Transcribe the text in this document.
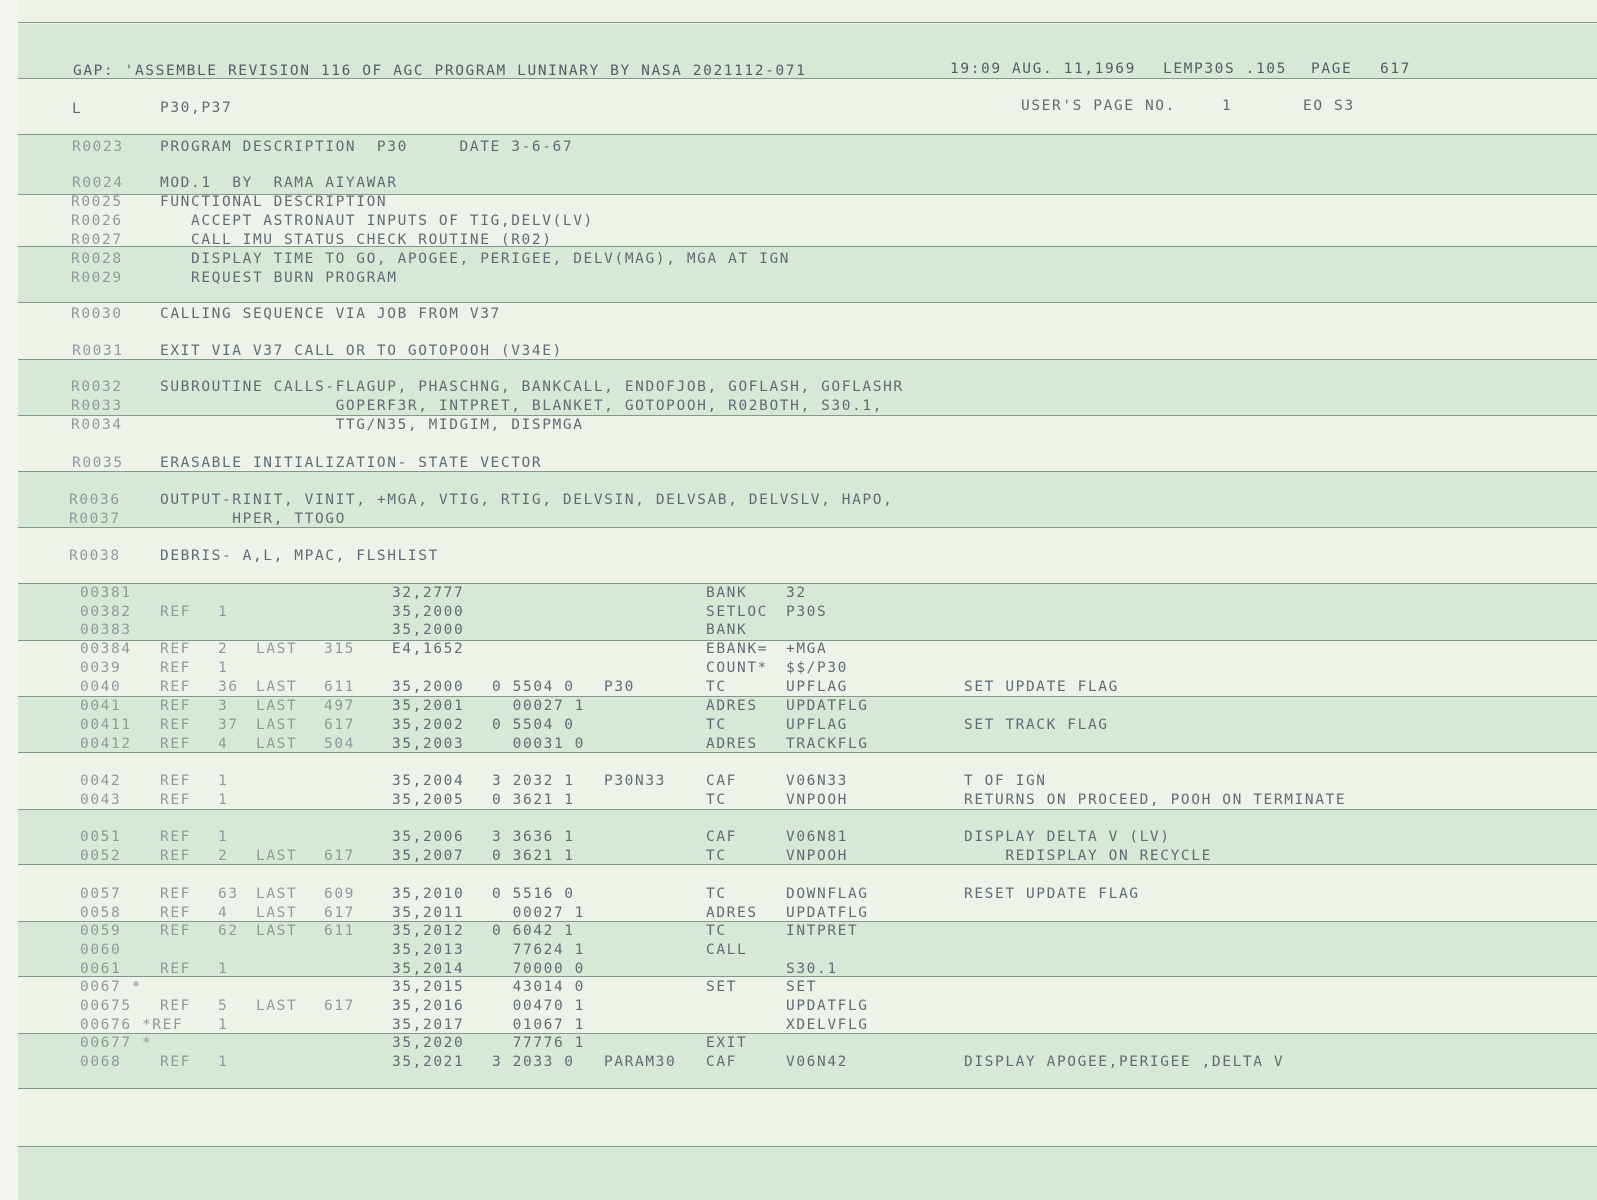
GAP: 'ASSEMBLE REVISION 116 OF AGC PROGRAM LUNINARY BY NASA 2021112-071	19:09 AUG. 11,1969 LEMP30S .105 PAGE 617
L	P30,P37	USER'S PAGE NO.	1	EO S3
R0023	PROGRAM DESCRIPTION  P30     DATE 3-6-67
R0024	MOD.1  BY  RAMA AIYAWAR
R0025	FUNCTIONAL DESCRIPTION
R0026	ACCEPT ASTRONAUT INPUTS OF TIG,DELV(LV)
R0027	CALL IMU STATUS CHECK ROUTINE (R02)
R0028	DISPLAY TIME TO GO, APOGEE, PERIGEE, DELV(MAG), MGA AT IGN
R0029	REQUEST BURN PROGRAM
R0030	CALLING SEQUENCE VIA JOB FROM V37
R0031	EXIT VIA V37 CALL OR TO GOTOPOOH (V34E)
R0032	SUBROUTINE CALLS-FLAGUP, PHASCHNG, BANKCALL, ENDOFJOB, GOFLASH, GOFLASHR
R0033	GOPERF3R, INTPRET, BLANKET, GOTOPOOH, R02BOTH, S30.1,
R0034	TTG/N35, MIDGIM, DISPMGA
R0035	ERASABLE INITIALIZATION- STATE VECTOR
R0036	OUTPUT-RINIT, VINIT, +MGA, VTIG, RTIG, DELVSIN, DELVSAB, DELVSLV, HAPO,
R0037	HPER, TTOGO
R0038	DEBRIS- A,L, MPAC, FLSHLIST
00381	32,2777	BANK	32
00382 REF 1	35,2000	SETLOC P30S
00383	35,2000	BANK
00384 REF 2 LAST 315	E4,1652	EBANK= +MGA
0039	REF 1	COUNT* $$/P30
0040	REF 36 LAST 611	35,2000 0 5504 0 P30	TC	UPFLAG	SET UPDATE FLAG
0041	REF 3 LAST 497	35,2001 00027 1	ADRES UPDATFLG
00411 REF 37 LAST 617	35,2002 0 5504 0	TC	UPFLAG	SET TRACK FLAG
00412 REF 4 LAST 504	35,2003 00031 0	ADRES TRACKFLG
0042	REF 1	35,2004 3 2032 1 P30N33	CAF	V06N33	T OF IGN
0043	REF 1	35,2005 0 3621 1	TC	VNPOOH	RETURNS ON PROCEED, POOH ON TERMINATE
0051	REF 1	35,2006 3 3636 1	CAF	V06N81	DISPLAY DELTA V (LV)
0052	REF 2 LAST 617	35,2007 0 3621 1	TC	VNPOOH	REDISPLAY ON RECYCLE
0057	REF 63 LAST 609	35,2010 0 5516 0	TC	DOWNFLAG	RESET UPDATE FLAG
0058	REF 4 LAST 617	35,2011 00027 1	ADRES UPDATFLG
0059	REF 62 LAST 611	35,2012 0 6042 1	TC	INTPRET
0060	35,2013 77624 1	CALL
0061	REF 1	35,2014 70000 0	S30.1
0067 *	35,2015 43014 0	SET	SET
00675 REF 5 LAST 617	35,2016 00470 1	UPDATFLG
00676 *REF 1	35,2017 01067 1	XDELVFLG
00677 *	35,2020 77776 1	EXIT
0068	REF 1	35,2021 3 2033 0 PARAM30 CAF	V06N42	DISPLAY APOGEE,PERIGEE ,DELTA V
